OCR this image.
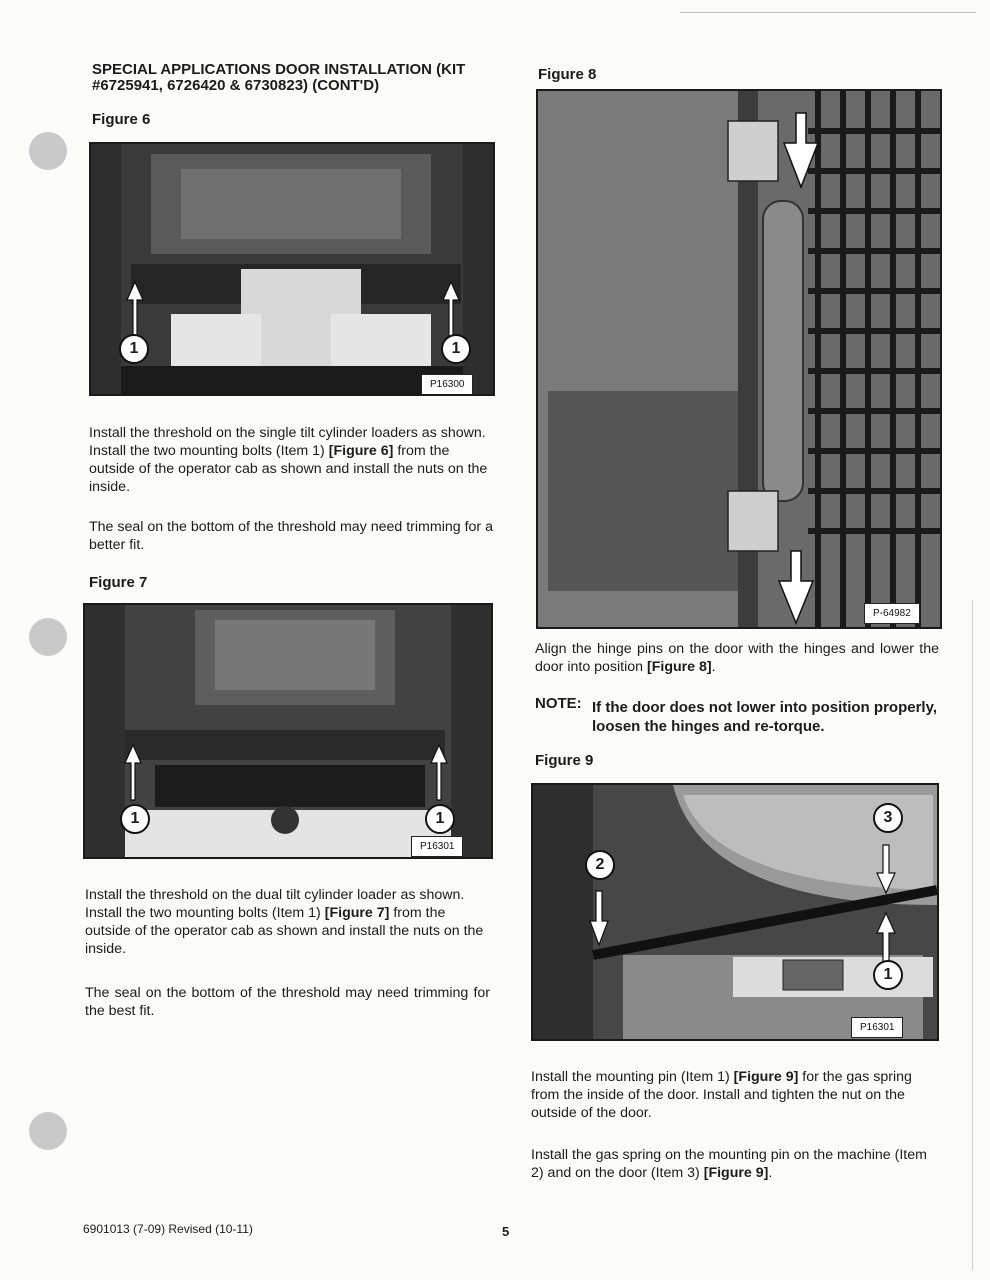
SPECIAL APPLICATIONS DOOR INSTALLATION (KIT #6725941, 6726420 & 6730823) (CONT'D)
Figure 6
1	1
P16300
Install the threshold on the single tilt cylinder loaders as shown. Install the two mounting bolts (Item 1) [Figure 6] from the outside of the operator cab as shown and install the nuts on the inside.
The seal on the bottom of the threshold may need trimming for a better fit.
Figure 7
1	1
P16301
Install the threshold on the dual tilt cylinder loader as shown. Install the two mounting bolts (Item 1) [Figure 7] from the outside of the operator cab as shown and install the nuts on the inside.
The seal on the bottom of the threshold may need trimming for the best fit.
Figure 8
P-64982
Align the hinge pins on the door with the hinges and lower the door into position [Figure 8].
NOTE: If the door does not lower into position properly, loosen the hinges and re-torque.
Figure 9
3
2
1
P16301
Install the mounting pin (Item 1) [Figure 9] for the gas spring from the inside of the door. Install and tighten the nut on the outside of the door.
Install the gas spring on the mounting pin on the machine (Item 2) and on the door (Item 3) [Figure 9].
6901013 (7-09) Revised (10-11)	5
